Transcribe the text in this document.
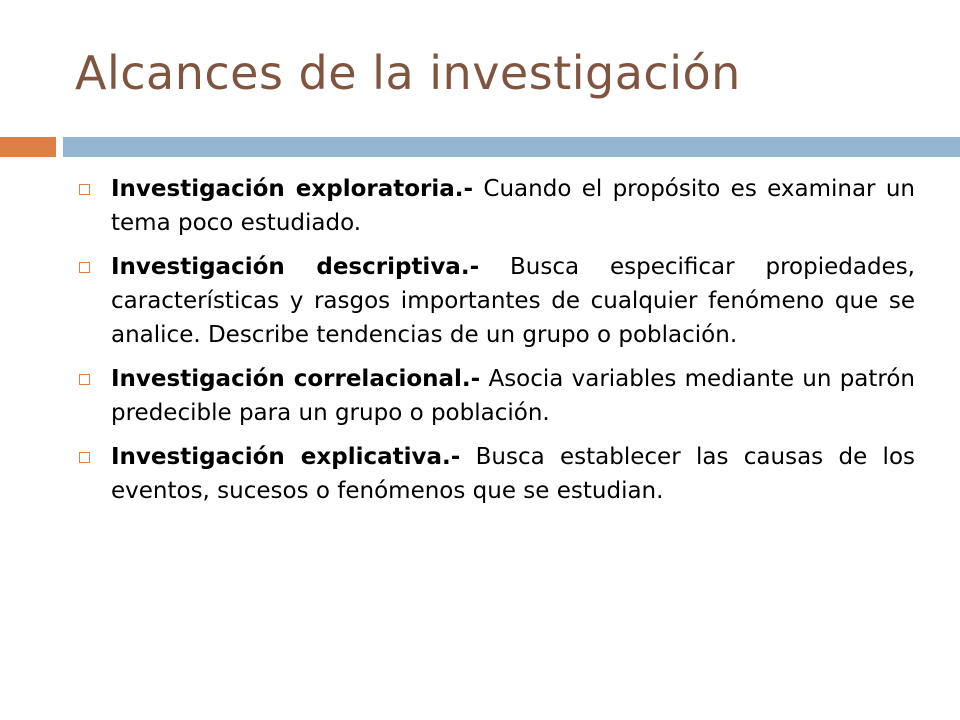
Alcances de la investigación
Investigación exploratoria.- Cuando el propósito es examinar un tema poco estudiado.
Investigación descriptiva.- Busca especificar propiedades, características y rasgos importantes de cualquier fenómeno que se analice. Describe tendencias de un grupo o población.
Investigación correlacional.- Asocia variables mediante un patrón predecible para un grupo o población.
Investigación explicativa.- Busca establecer las causas de los eventos, sucesos o fenómenos que se estudian.
